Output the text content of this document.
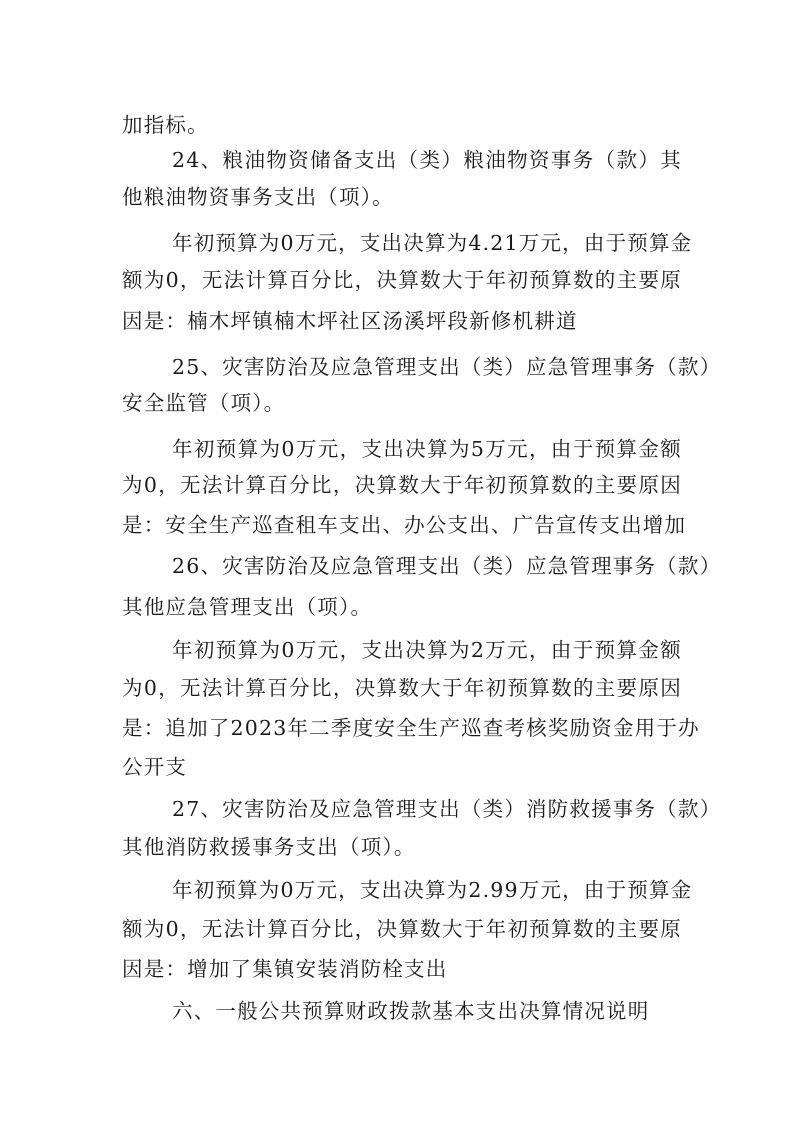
加指标。
24、粮油物资储备支出（类）粮油物资事务（款）其
他粮油物资事务支出（项）。
年初预算为0万元，支出决算为4.21万元，由于预算金
额为0，无法计算百分比，决算数大于年初预算数的主要原
因是：楠木坪镇楠木坪社区汤溪坪段新修机耕道
25、灾害防治及应急管理支出（类）应急管理事务（款）
安全监管（项）。
年初预算为0万元，支出决算为5万元，由于预算金额
为0，无法计算百分比，决算数大于年初预算数的主要原因
是：安全生产巡查租车支出、办公支出、广告宣传支出增加
26、灾害防治及应急管理支出（类）应急管理事务（款）
其他应急管理支出（项）。
年初预算为0万元，支出决算为2万元，由于预算金额
为0，无法计算百分比，决算数大于年初预算数的主要原因
是：追加了2023年二季度安全生产巡查考核奖励资金用于办
公开支
27、灾害防治及应急管理支出（类）消防救援事务（款）
其他消防救援事务支出（项）。
年初预算为0万元，支出决算为2.99万元，由于预算金
额为0，无法计算百分比，决算数大于年初预算数的主要原
因是：增加了集镇安装消防栓支出
六、一般公共预算财政拨款基本支出决算情况说明
